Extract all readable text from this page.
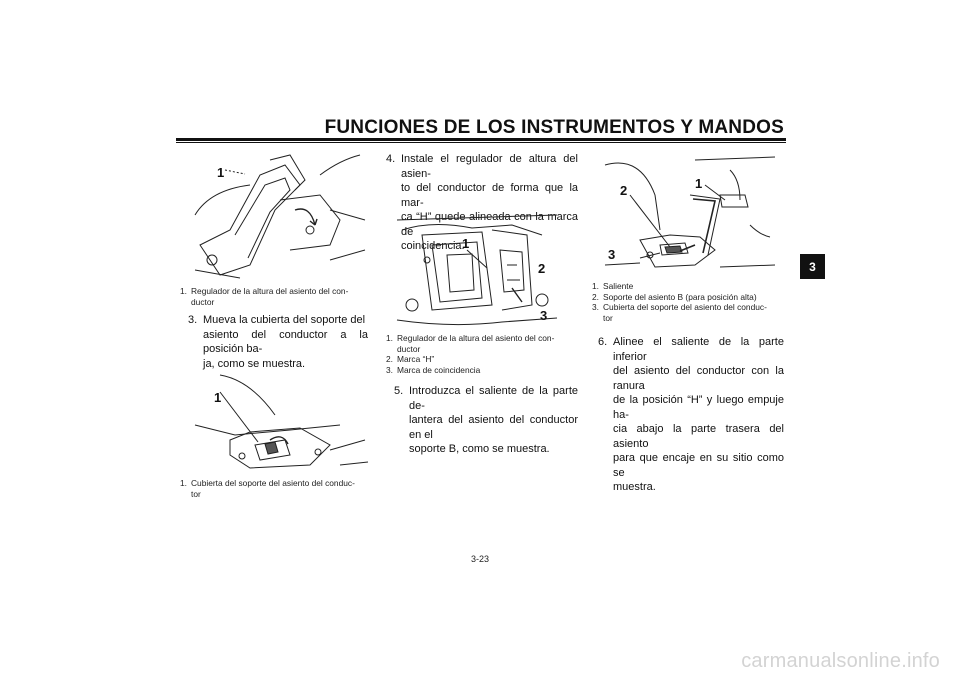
FUNCIONES DE LOS INSTRUMENTOS Y MANDOS
3
1
1. Regulador de la altura del asiento del con-
ductor
3. Mueva la cubierta del soporte del
asiento del conductor a la posición ba-
ja, como se muestra.
1
1. Cubierta del soporte del asiento del conduc-
tor
4. Instale el regulador de altura del asien-
to del conductor de forma que la mar-
ca “H” quede alineada con la marca de
coincidencia.
1
2
3
1. Regulador de la altura del asiento del con-
ductor
2. Marca “H”
3. Marca de coincidencia
5. Introduzca el saliente de la parte de-
lantera del asiento del conductor en el
soporte B, como se muestra.
1
2
3
1. Saliente
2. Soporte del asiento B (para posición alta)
3. Cubierta del soporte del asiento del conduc-
tor
6. Alinee el saliente de la parte inferior
del asiento del conductor con la ranura
de la posición “H” y luego empuje ha-
cia abajo la parte trasera del asiento
para que encaje en su sitio como se
muestra.
3-23
carmanualsonline.info
